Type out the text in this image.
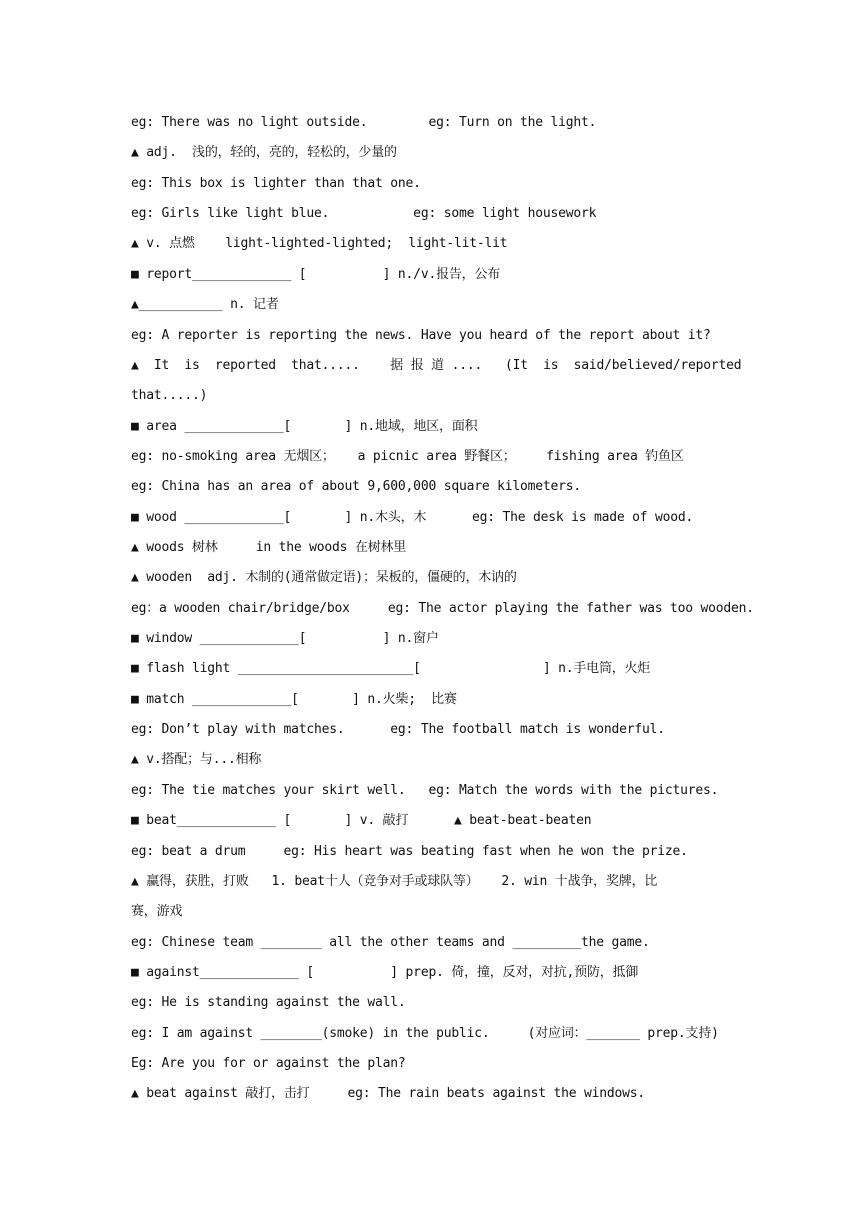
eg: There was no light outside.        eg: Turn on the light.
▲ adj.  浅的，轻的，亮的，轻松的，少量的
eg: This box is lighter than that one.
eg: Girls like light blue.           eg: some light housework
▲ v. 点燃    light-lighted-lighted;  light-lit-lit
■ report_____________ [          ] n./v.报告，公布
▲___________ n. 记者
eg: A reporter is reporting the news. Have you heard of the report about it?
▲  It  is  reported  that.....    据 报 道 ....   (It  is  said/believed/reported
that.....)
■ area _____________[       ] n.地域，地区，面积
eg: no-smoking area 无烟区；   a picnic area 野餐区；    fishing area 钓鱼区
eg: China has an area of about 9,600,000 square kilometers.
■ wood _____________[       ] n.木头，木      eg: The desk is made of wood.
▲ woods 树林     in the woods 在树林里
▲ wooden  adj. 木制的(通常做定语)；呆板的，僵硬的，木讷的
eg：a wooden chair/bridge/box     eg: The actor playing the father was too wooden.
■ window _____________[          ] n.窗户
■ flash light _______________________[                ] n.手电筒，火炬
■ match _____________[       ] n.火柴;  比赛
eg: Don’t play with matches.      eg: The football match is wonderful.
▲ v.搭配；与...相称
eg: The tie matches your skirt well.   eg: Match the words with the pictures.
■ beat_____________ [       ] v. 敲打      ▲ beat-beat-beaten
eg: beat a drum     eg: His heart was beating fast when he won the prize.
▲ 赢得，获胜，打败   1. beat十人（竞争对手或球队等）   2. win 十战争，奖牌，比
赛，游戏
eg: Chinese team ________ all the other teams and _________the game.
■ against_____________ [          ] prep. 倚，撞，反对，对抗,预防，抵御
eg: He is standing against the wall.
eg: I am against ________(smoke) in the public.     (对应词：_______ prep.支持)
Eg: Are you for or against the plan?
▲ beat against 敲打，击打     eg: The rain beats against the windows.
